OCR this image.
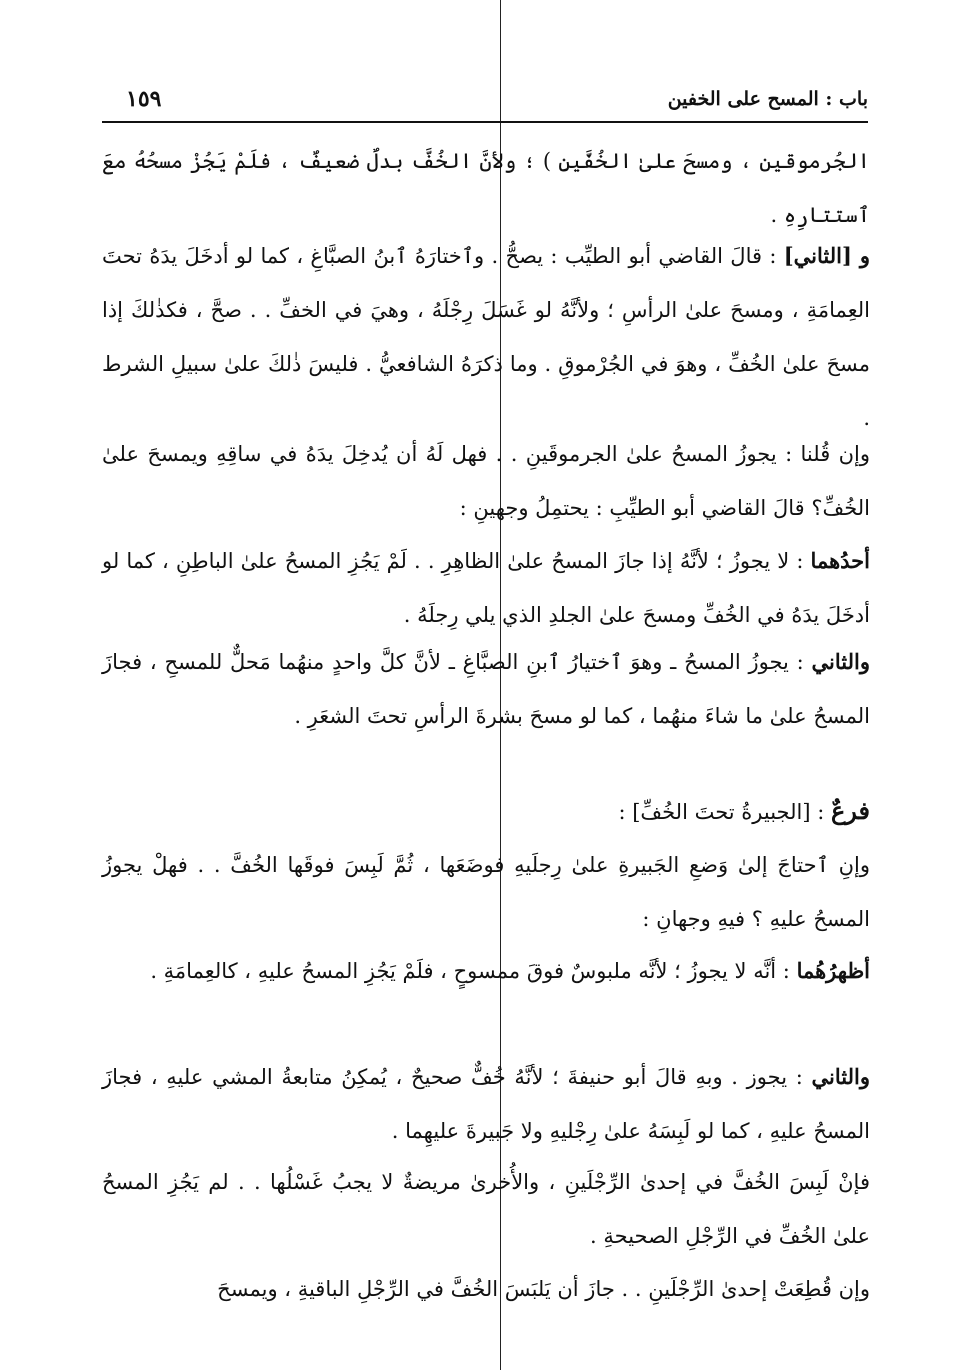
باب : المسح على الخفين
١٥٩

الجُرموقين ، ومسحَ علىٰ الخُفَّينِ ) ؛ ولأنَّ الخُفَّ بدلٌ ضعيفٌ ، فلَمْ يَجُزْ مسحُهُ معَ ٱستتارِهِ .

و [الثاني] : قالَ القاضي أبو الطيِّب : يصحُّ . وٱختارَهُ ٱبنُ الصبَّاغِ ، كما لو أدخَلَ يدَهُ تحتَ العِمامَةِ ، ومسحَ علىٰ الرأسِ ؛ ولأنَّهُ لو غَسَلَ رِجْلَهُ ، وهيَ في الخفِّ . . صحَّ ، فكذٰلكَ إذا مسحَ علىٰ الخُفِّ ، وهوَ في الجُرْموقِ . وما ذكرَهُ الشافعيُّ . فليسَ ذٰلكَ علىٰ سبيلِ الشرط .

وإن قُلنا : يجوزُ المسحُ علىٰ الجرموقَينِ . . فهل لَهُ أن يُدخِلَ يدَهُ في ساقِهِ ويمسحَ علىٰ الخُفِّ؟ قالَ القاضي أبو الطيِّبِ : يحتمِلُ وجهينِ :

أحدُهما : لا يجوزُ ؛ لأنَّهُ إذا جازَ المسحُ علىٰ الظاهِرِ . . لَمْ يَجُزِ المسحُ علىٰ الباطِنِ ، كما لو أدخَلَ يدَهُ في الخُفِّ ومسحَ علىٰ الجلدِ الذي يلي رِجلَهُ .

والثاني : يجوزُ المسحُ ـ وهوَ ٱختيارُ ٱبنِ الصبَّاغِ ـ لأنَّ كلَّ واحدٍ منهُما مَحلٌّ للمسحِ ، فجازَ المسحُ علىٰ ما شاءَ منهُما ، كما لو مسحَ بشرةَ الرأسِ تحتَ الشعَرِ .

فرعٌ : [الجبيرةُ تحتَ الخُفِّ] :

وإنِ ٱحتاجَ إلىٰ وَضعِ الجَبيرةِ علىٰ رِجلَيهِ فوضَعَها ، ثُمَّ لَبِسَ فوقَها الخُفَّ . . فهلْ يجوزُ المسحُ عليهِ ؟ فيهِ وجهانِ :

أظهرُهُما : أنَّه لا يجوزُ ؛ لأنَّه ملبوسٌ فوقَ ممسوحٍ ، فلَمْ يَجُزِ المسحُ عليهِ ، كالعِمامَةِ .

والثاني : يجوز . وبهِ قالَ أبو حنيفةَ ؛ لأنَّهُ خُفٌّ صحيحٌ ، يُمكِنُ متابعةُ المشي عليهِ ، فجازَ المسحُ عليهِ ، كما لو لَبِسَهُ علىٰ رِجْليهِ ولا جَبيرةَ عليهِما .

فإنْ لَبِسَ الخُفَّ في إحدىٰ الرِّجْلَينِ ، والأُخرىٰ مريضةٌ لا يجبُ غَسْلُها . . لم يَجُزِ المسحُ علىٰ الخُفِّ في الرِّجْلِ الصحيحةِ .

وإن قُطِعَتْ إحدىٰ الرِّجْلَينِ . . جازَ أن يَلبَسَ الخُفَّ في الرِّجْلِ الباقيةِ ، ويمسحَ
